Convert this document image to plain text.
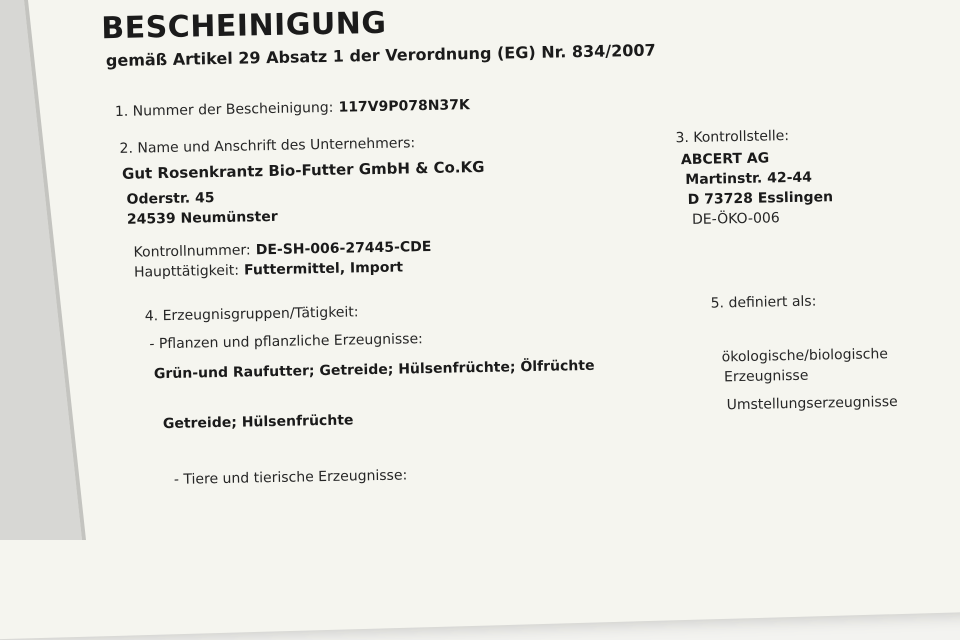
BESCHEINIGUNG
gemäß Artikel 29 Absatz 1 der Verordnung (EG) Nr. 834/2007
1. Nummer der Bescheinigung: 117V9P078N37K
2. Name und Anschrift des Unternehmers:
Gut Rosenkrantz Bio-Futter GmbH & Co.KG
Oderstr. 45
24539 Neumünster
Kontrollnummer: DE-SH-006-27445-CDE
Haupttätigkeit: Futtermittel, Import
3. Kontrollstelle:
ABCERT AG
Martinstr. 42-44
D 73728 Esslingen
DE-ÖKO-006
4. Erzeugnisgruppen/Tätigkeit:
- Pflanzen und pflanzliche Erzeugnisse:
Grün-und Raufutter; Getreide; Hülsenfrüchte; Ölfrüchte
Getreide; Hülsenfrüchte
- Tiere und tierische Erzeugnisse:
5. definiert als:
ökologische/biologische
Erzeugnisse
Umstellungserzeugnisse
